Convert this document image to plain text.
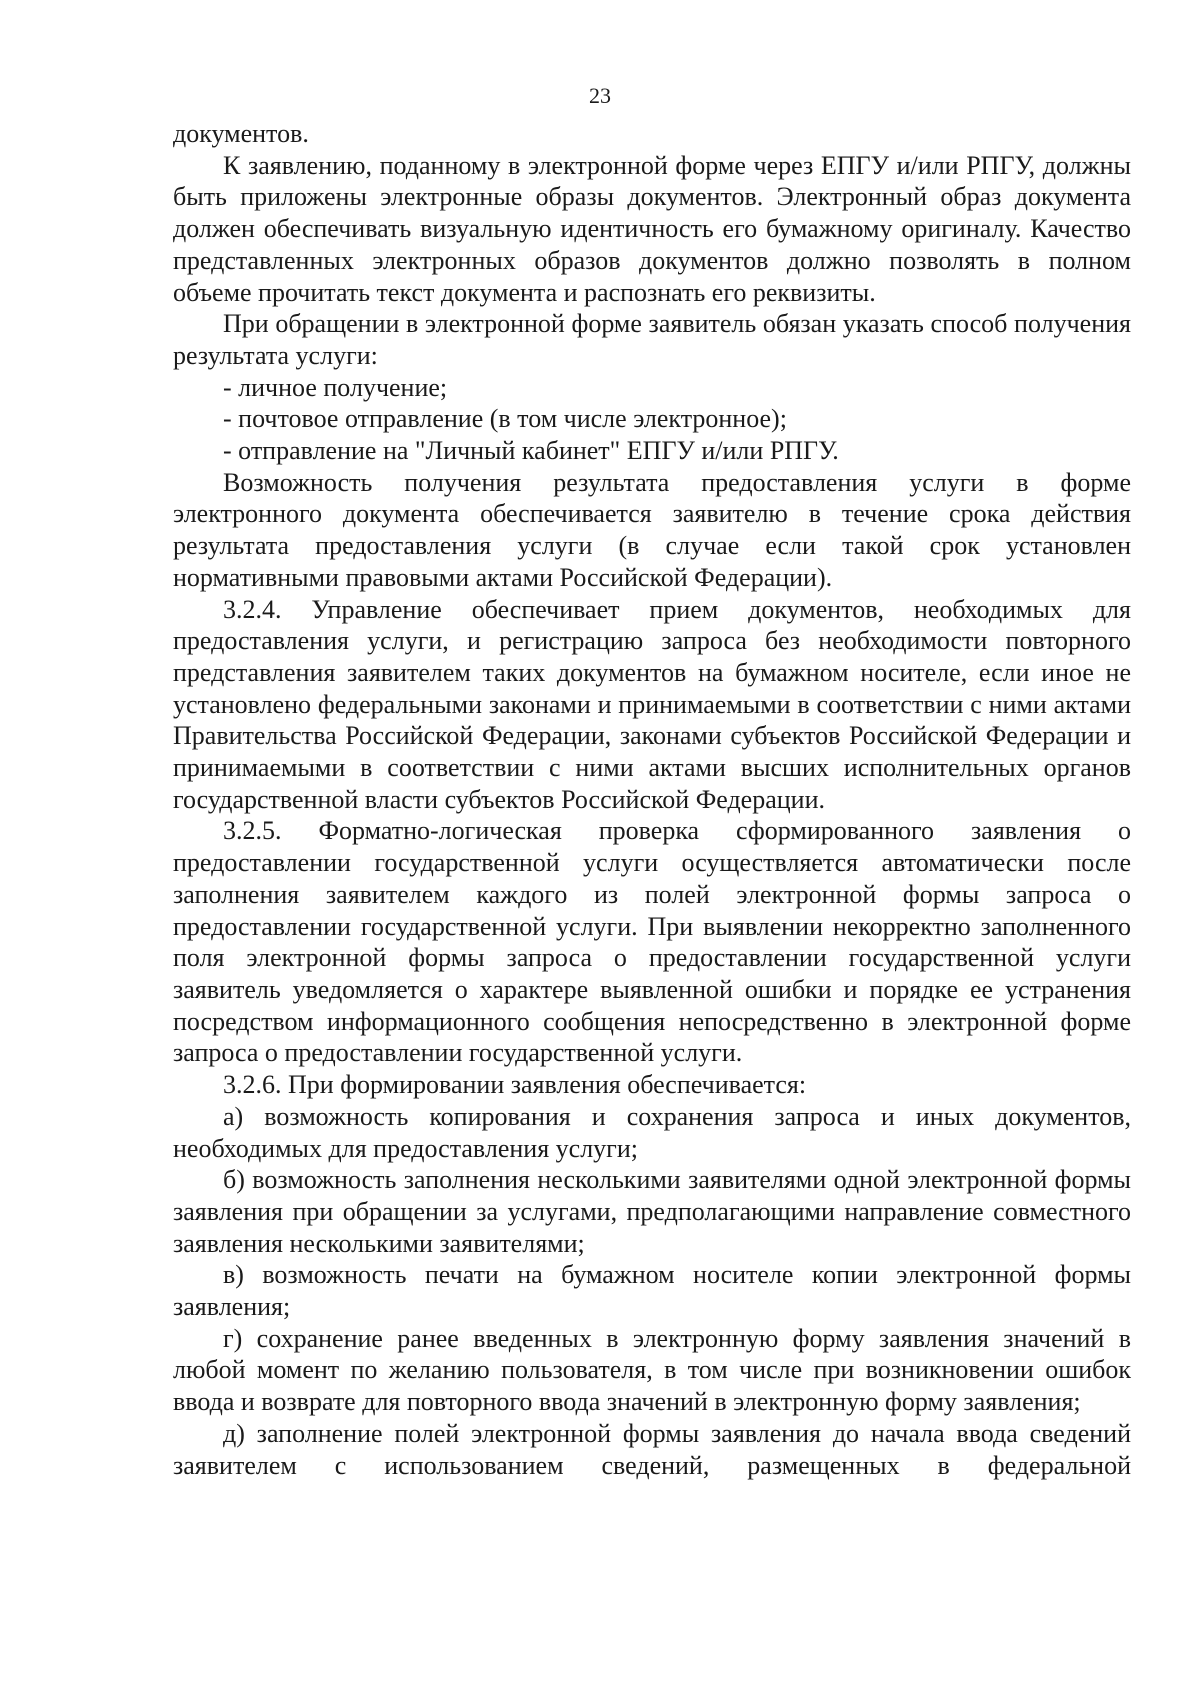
23

документов.

К заявлению, поданному в электронной форме через ЕПГУ и/или РПГУ, должны быть приложены электронные образы документов. Электронный образ документа должен обеспечивать визуальную идентичность его бумажному оригиналу. Качество представленных электронных образов документов должно позволять в полном объеме прочитать текст документа и распознать его реквизиты.

При обращении в электронной форме заявитель обязан указать способ получения результата услуги:

- личное получение;

- почтовое отправление (в том числе электронное);

- отправление на "Личный кабинет" ЕПГУ и/или РПГУ.

Возможность получения результата предоставления услуги в форме электронного документа обеспечивается заявителю в течение срока действия результата предоставления услуги (в случае если такой срок установлен нормативными правовыми актами Российской Федерации).

3.2.4. Управление обеспечивает прием документов, необходимых для предоставления услуги, и регистрацию запроса без необходимости повторного представления заявителем таких документов на бумажном носителе, если иное не установлено федеральными законами и принимаемыми в соответствии с ними актами Правительства Российской Федерации, законами субъектов Российской Федерации и принимаемыми в соответствии с ними актами высших исполнительных органов государственной власти субъектов Российской Федерации.

3.2.5. Форматно-логическая проверка сформированного заявления о предоставлении государственной услуги осуществляется автоматически после заполнения заявителем каждого из полей электронной формы запроса о предоставлении государственной услуги. При выявлении некорректно заполненного поля электронной формы запроса о предоставлении государственной услуги заявитель уведомляется о характере выявленной ошибки и порядке ее устранения посредством информационного сообщения непосредственно в электронной форме запроса о предоставлении государственной услуги.

3.2.6. При формировании заявления обеспечивается:

а) возможность копирования и сохранения запроса и иных документов, необходимых для предоставления услуги;

б) возможность заполнения несколькими заявителями одной электронной формы заявления при обращении за услугами, предполагающими направление совместного заявления несколькими заявителями;

в) возможность печати на бумажном носителе копии электронной формы заявления;

г) сохранение ранее введенных в электронную форму заявления значений в любой момент по желанию пользователя, в том числе при возникновении ошибок ввода и возврате для повторного ввода значений в электронную форму заявления;

д) заполнение полей электронной формы заявления до начала ввода сведений заявителем с использованием сведений, размещенных в федеральной
